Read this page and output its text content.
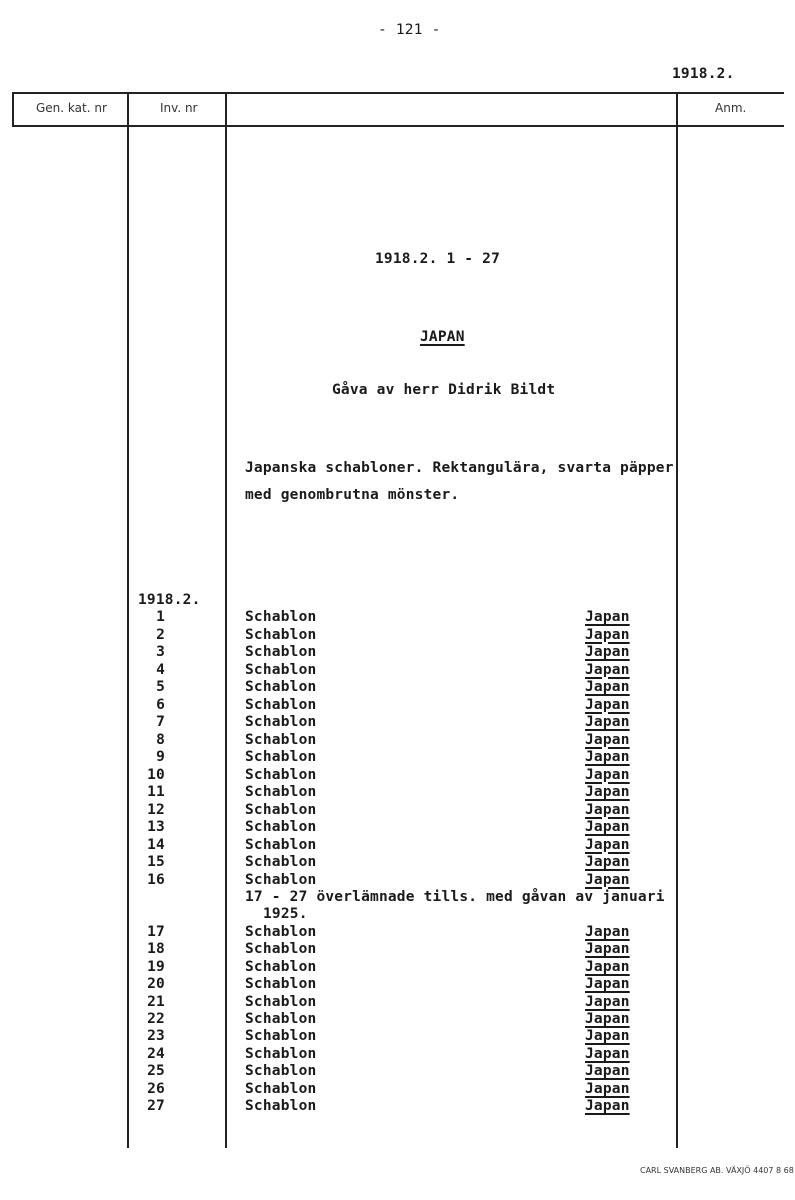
- 121 -
1918.2.
Gen. kat. nr	Inv. nr	Anm.
1918.2. 1 - 27
JAPAN
Gåva av herr Didrik Bildt
Japanska schabloner. Rektangulära, svarta päpper
med genombrutna mönster.
1918.2.
1	Schablon	Japan
2	Schablon	Japan
3	Schablon	Japan
4	Schablon	Japan
5	Schablon	Japan
6	Schablon	Japan
7	Schablon	Japan
8	Schablon	Japan
9	Schablon	Japan
10	Schablon	Japan
11	Schablon	Japan
12	Schablon	Japan
13	Schablon	Japan
14	Schablon	Japan
15	Schablon	Japan
16	Schablon	Japan
17 - 27 överlämnade tills. med gåvan av januari
1925.
17	Schablon	Japan
18	Schablon	Japan
19	Schablon	Japan
20	Schablon	Japan
21	Schablon	Japan
22	Schablon	Japan
23	Schablon	Japan
24	Schablon	Japan
25	Schablon	Japan
26	Schablon	Japan
27	Schablon	Japan
CARL SVANBERG AB. VÄXJÖ 4407 8 68
